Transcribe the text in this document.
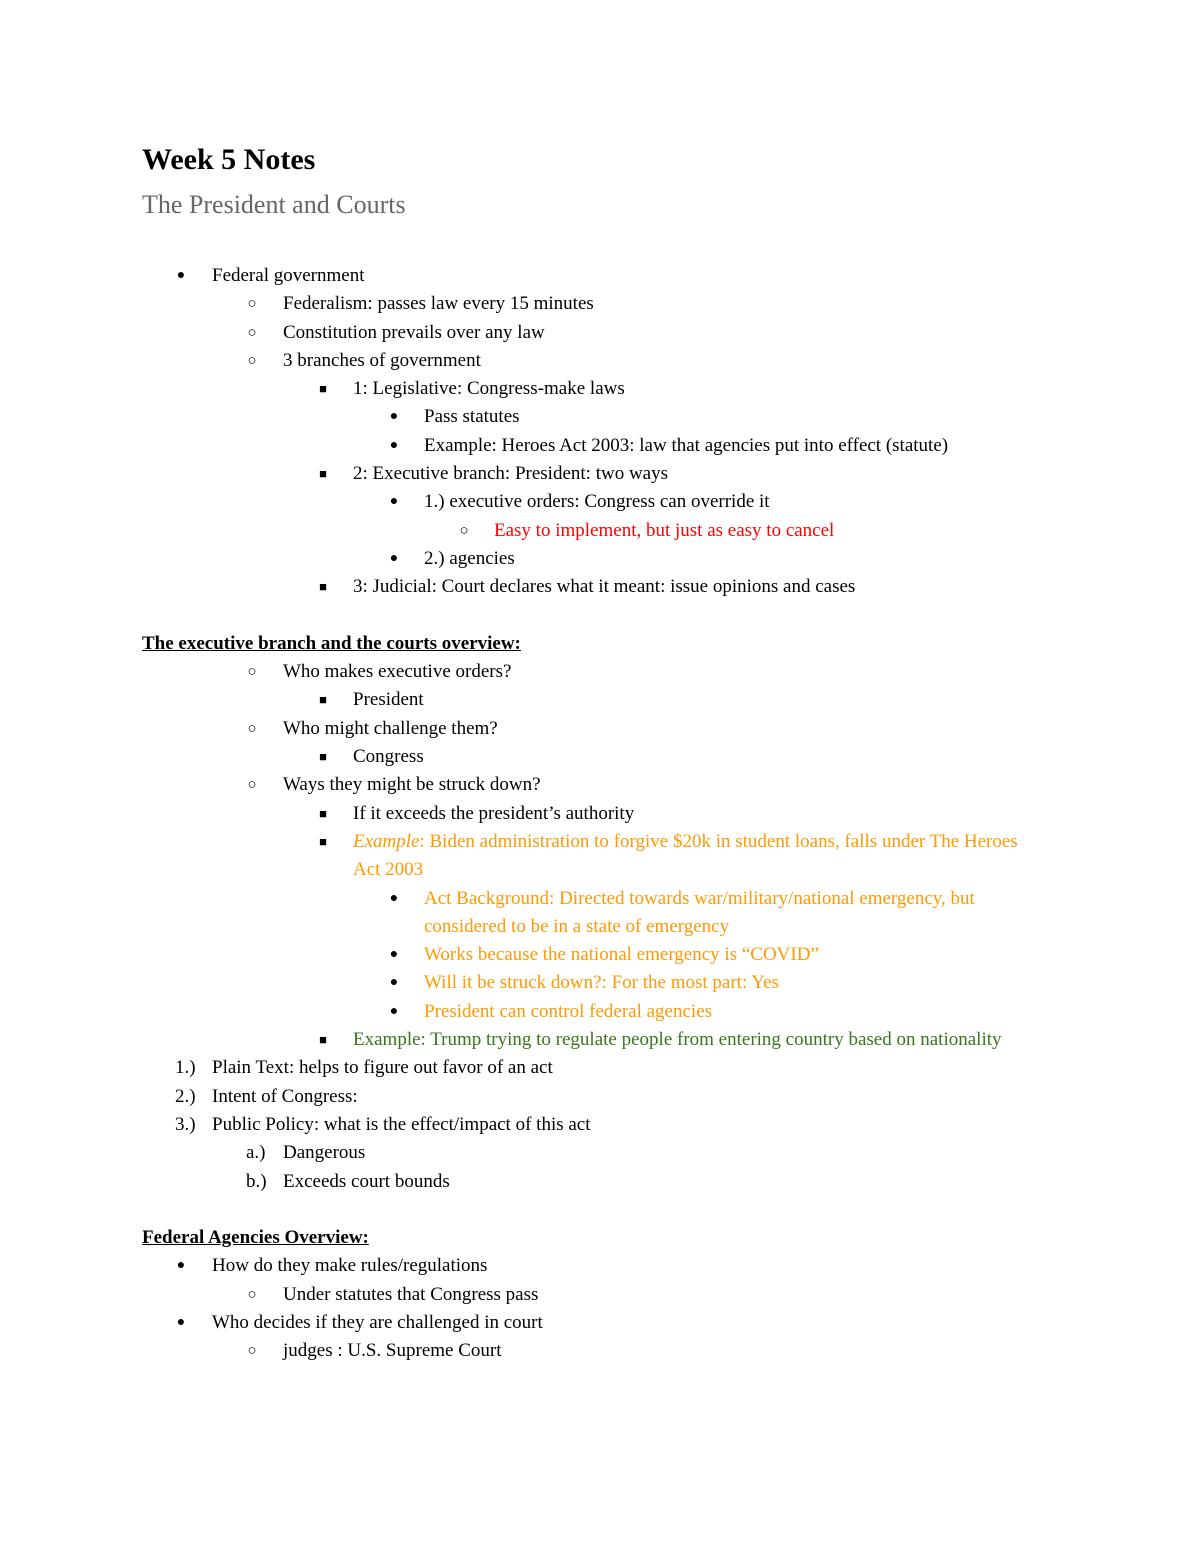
Week 5 Notes
The President and Courts
●	Federal government
○	Federalism: passes law every 15 minutes
○	Constitution prevails over any law
○	3 branches of government
■	1: Legislative: Congress-make laws
●	Pass statutes
●	Example: Heroes Act 2003: law that agencies put into effect (statute)
■	2: Executive branch: President: two ways
●	1.) executive orders: Congress can override it
○	Easy to implement, but just as easy to cancel
●	2.) agencies
■	3: Judicial: Court declares what it meant: issue opinions and cases
The executive branch and the courts overview:
○	Who makes executive orders?
■	President
○	Who might challenge them?
■	Congress
○	Ways they might be struck down?
■	If it exceeds the president’s authority
■	Example: Biden administration to forgive $20k in student loans, falls under The Heroes Act 2003
●	Act Background: Directed towards war/military/national emergency, but considered to be in a state of emergency
●	Works because the national emergency is “COVID”
●	Will it be struck down?: For the most part: Yes
●	President can control federal agencies
■	Example: Trump trying to regulate people from entering country based on nationality
1.) Plain Text: helps to figure out favor of an act
2.) Intent of Congress:
3.) Public Policy: what is the effect/impact of this act
a.) Dangerous
b.) Exceeds court bounds
Federal Agencies Overview:
●	How do they make rules/regulations
○	Under statutes that Congress pass
●	Who decides if they are challenged in court
○	judges : U.S. Supreme Court
